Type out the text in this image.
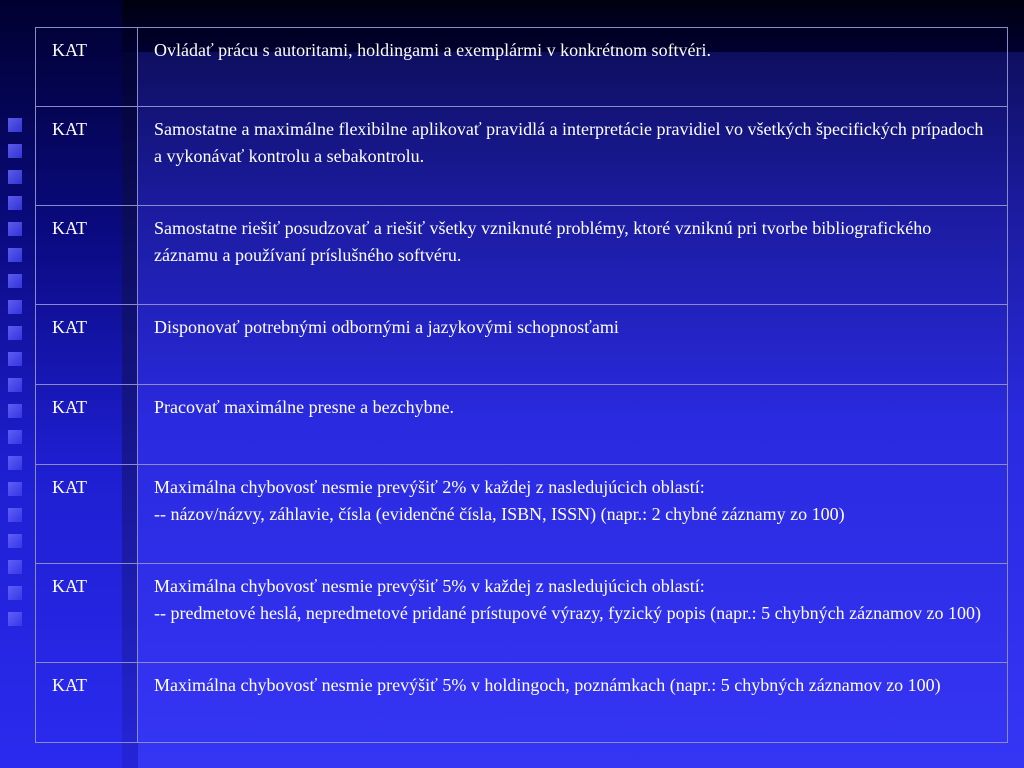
KAT	Ovládať prácu s autoritami, holdingami a exemplármi v konkrétnom softvéri.
KAT	Samostatne a maximálne flexibilne aplikovať pravidlá a interpretácie pravidiel vo všetkých špecifických prípadoch a vykonávať kontrolu a sebakontrolu.
KAT	Samostatne riešiť posudzovať a riešiť všetky vzniknuté problémy, ktoré vzniknú pri tvorbe bibliografického záznamu a používaní príslušného softvéru.
KAT	Disponovať potrebnými odbornými a jazykovými schopnosťami
KAT	Pracovať maximálne presne a bezchybne.
KAT	Maximálna chybovosť nesmie prevýšiť 2% v každej z nasledujúcich oblastí:
-- názov/názvy, záhlavie, čísla (evidenčné čísla, ISBN, ISSN) (napr.: 2 chybné záznamy zo 100)
KAT	Maximálna chybovosť nesmie prevýšiť 5% v každej z nasledujúcich oblastí:
-- predmetové heslá, nepredmetové pridané prístupové výrazy, fyzický popis (napr.: 5 chybných záznamov zo 100)
KAT	Maximálna chybovosť nesmie prevýšiť 5% v holdingoch, poznámkach (napr.: 5 chybných záznamov zo 100)
